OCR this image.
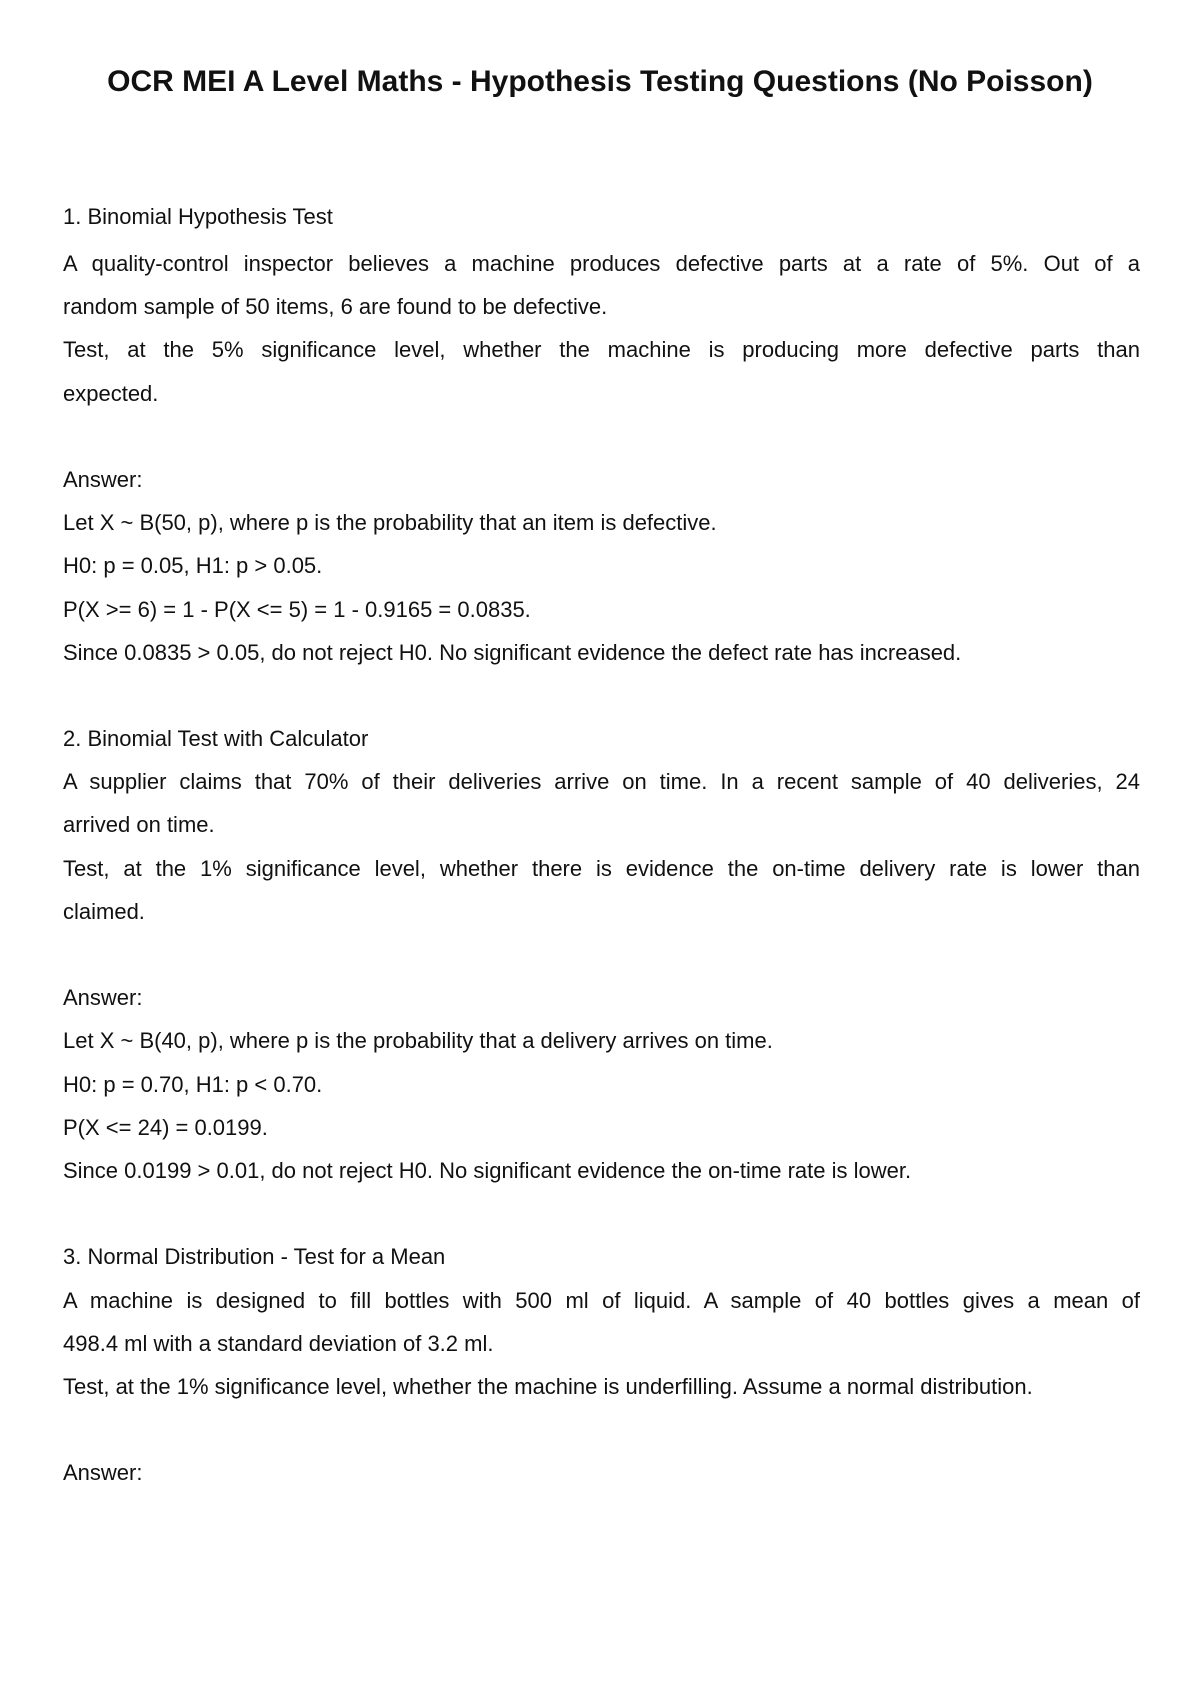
OCR MEI A Level Maths - Hypothesis Testing Questions (No Poisson)

1. Binomial Hypothesis Test

A quality-control inspector believes a machine produces defective parts at a rate of 5%. Out of a

random sample of 50 items, 6 are found to be defective.

Test, at the 5% significance level, whether the machine is producing more defective parts than

expected.

Answer:

Let X ~ B(50, p), where p is the probability that an item is defective.

H0: p = 0.05, H1: p > 0.05.

P(X >= 6) = 1 - P(X <= 5) = 1 - 0.9165 = 0.0835.

Since 0.0835 > 0.05, do not reject H0. No significant evidence the defect rate has increased.

2. Binomial Test with Calculator

A supplier claims that 70% of their deliveries arrive on time. In a recent sample of 40 deliveries, 24

arrived on time.

Test, at the 1% significance level, whether there is evidence the on-time delivery rate is lower than

claimed.

Answer:

Let X ~ B(40, p), where p is the probability that a delivery arrives on time.

H0: p = 0.70, H1: p < 0.70.

P(X <= 24) = 0.0199.

Since 0.0199 > 0.01, do not reject H0. No significant evidence the on-time rate is lower.

3. Normal Distribution - Test for a Mean

A machine is designed to fill bottles with 500 ml of liquid. A sample of 40 bottles gives a mean of

498.4 ml with a standard deviation of 3.2 ml.

Test, at the 1% significance level, whether the machine is underfilling. Assume a normal distribution.

Answer:
